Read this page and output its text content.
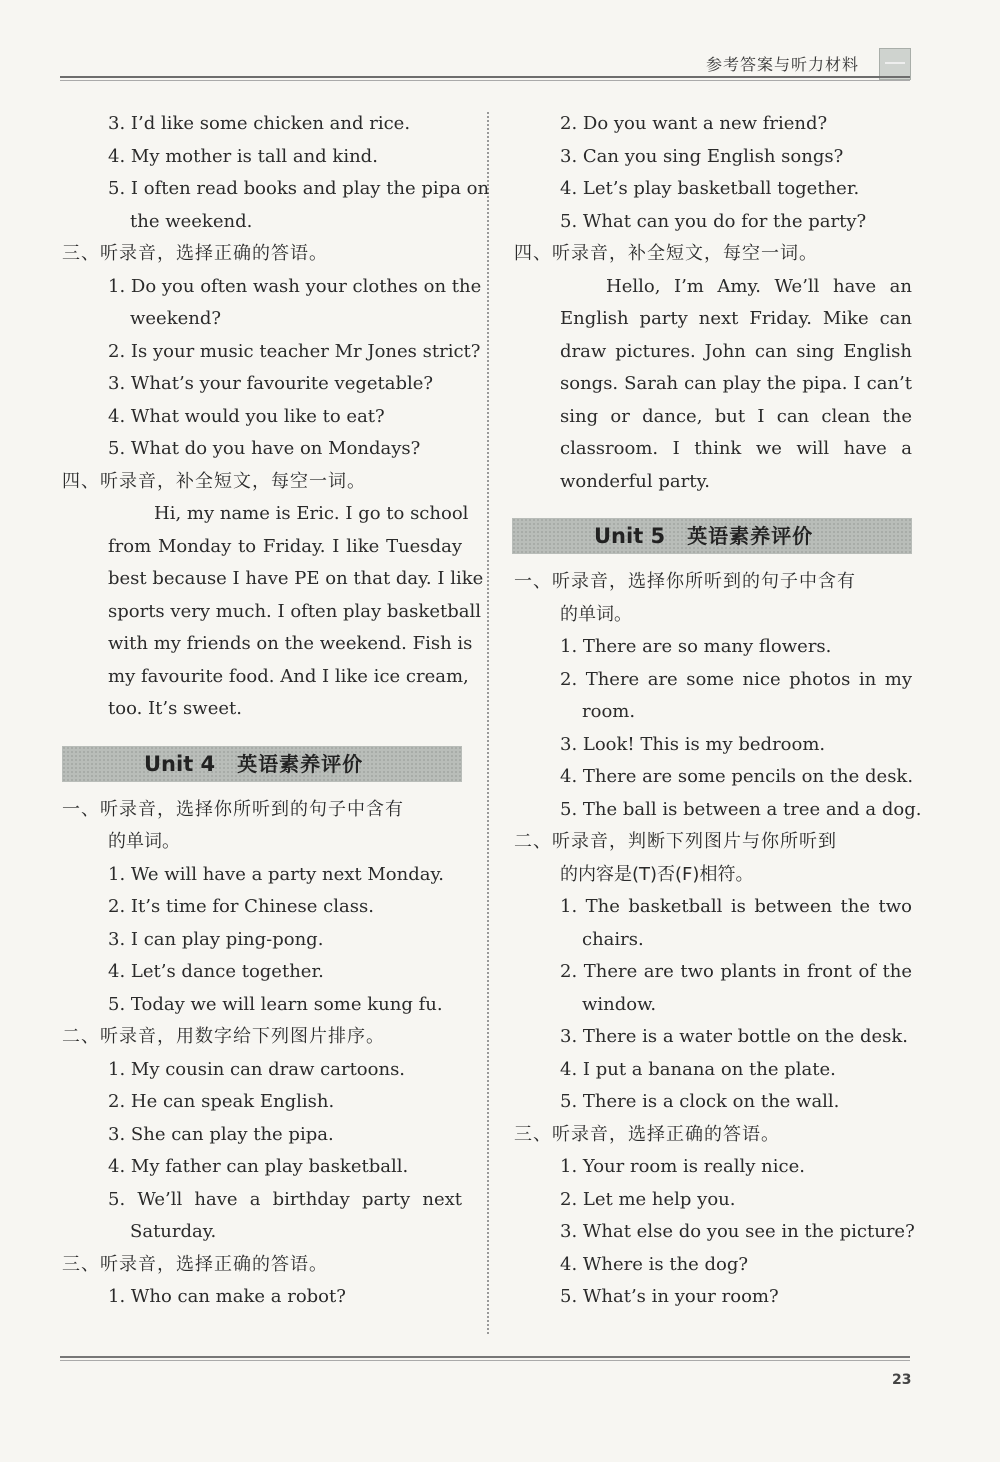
参考答案与听力材料
3. I’d like some chicken and rice.
4. My mother is tall and kind.
5. I often read books and play the pipa on
the weekend.
三、听录音，选择正确的答语。
1. Do you often wash your clothes on the
weekend?
2. Is your music teacher Mr Jones strict?
3. What’s your favourite vegetable?
4. What would you like to eat?
5. What do you have on Mondays?
四、听录音，补全短文，每空一词。
Hi, my name is Eric. I go to school
from Monday to Friday. I like Tuesday
best because I have PE on that day. I like
sports very much. I often play basketball
with my friends on the weekend. Fish is
my favourite food. And I like ice cream,
too. It’s sweet.
Unit 4 英语素养评价
一、听录音，选择你所听到的句子中含有
的单词。
1. We will have a party next Monday.
2. It’s time for Chinese class.
3. I can play ping-pong.
4. Let’s dance together.
5. Today we will learn some kung fu.
二、听录音，用数字给下列图片排序。
1. My cousin can draw cartoons.
2. He can speak English.
3. She can play the pipa.
4. My father can play basketball.
5. We’ll have a birthday party next
Saturday.
三、听录音，选择正确的答语。
1. Who can make a robot?
2. Do you want a new friend?
3. Can you sing English songs?
4. Let’s play basketball together.
5. What can you do for the party?
四、听录音，补全短文，每空一词。
Hello, I’m Amy. We’ll have an
English party next Friday. Mike can
draw pictures. John can sing English
songs. Sarah can play the pipa. I can’t
sing or dance, but I can clean the
classroom. I think we will have a
wonderful party.
Unit 5 英语素养评价
一、听录音，选择你所听到的句子中含有
的单词。
1. There are so many flowers.
2. There are some nice photos in my
room.
3. Look! This is my bedroom.
4. There are some pencils on the desk.
5. The ball is between a tree and a dog.
二、听录音，判断下列图片与你所听到
的内容是(T)否(F)相符。
1. The basketball is between the two
chairs.
2. There are two plants in front of the
window.
3. There is a water bottle on the desk.
4. I put a banana on the plate.
5. There is a clock on the wall.
三、听录音，选择正确的答语。
1. Your room is really nice.
2. Let me help you.
3. What else do you see in the picture?
4. Where is the dog?
5. What’s in your room?
23
